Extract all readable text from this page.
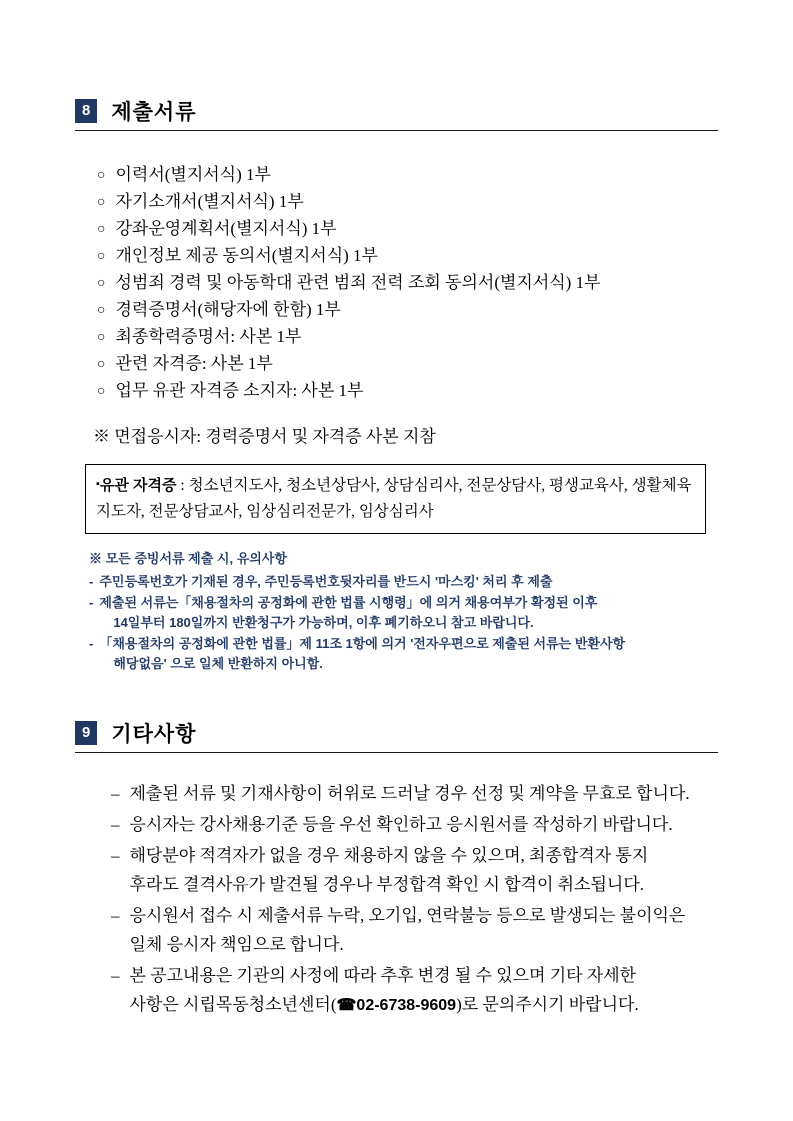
8	제출서류
○ 이력서(별지서식) 1부
○ 자기소개서(별지서식) 1부
○ 강좌운영계획서(별지서식) 1부
○ 개인정보 제공 동의서(별지서식) 1부
○ 성범죄 경력 및 아동학대 관련 범죄 전력 조회 동의서(별지서식) 1부
○ 경력증명서(해당자에 한함) 1부
○ 최종학력증명서: 사본 1부
○ 관련 자격증: 사본 1부
○ 업무 유관 자격증 소지자: 사본 1부
※ 면접응시자: 경력증명서 및 자격증 사본 지참
▪유관 자격증 : 청소년지도사, 청소년상담사, 상담심리사, 전문상담사, 평생교육사, 생활체육지도자, 전문상담교사, 임상심리전문가, 임상심리사
※ 모든 증빙서류 제출 시, 유의사항
- 주민등록번호가 기재된 경우, 주민등록번호뒷자리를 반드시 '마스킹' 처리 후 제출
- 제출된 서류는「채용절차의 공정화에 관한 법률 시행령」에 의거 채용여부가 확정된 이후
14일부터 180일까지 반환청구가 가능하며, 이후 폐기하오니 참고 바랍니다.
- 「채용절차의 공정화에 관한 법률」제 11조 1항에 의거 '전자우편으로 제출된 서류는 반환사항
해당없음' 으로 일체 반환하지 아니함.
9	기타사항
– 제출된 서류 및 기재사항이 허위로 드러날 경우 선정 및 계약을 무효로 합니다.
– 응시자는 강사채용기준 등을 우선 확인하고 응시원서를 작성하기 바랍니다.
– 해당분야 적격자가 없을 경우 채용하지 않을 수 있으며, 최종합격자 통지
후라도 결격사유가 발견될 경우나 부정합격 확인 시 합격이 취소됩니다.
– 응시원서 접수 시 제출서류 누락, 오기입, 연락불능 등으로 발생되는 불이익은
일체 응시자 책임으로 합니다.
– 본 공고내용은 기관의 사정에 따라 추후 변경 될 수 있으며 기타 자세한
사항은 시립목동청소년센터(☎02-6738-9609)로 문의주시기 바랍니다.
